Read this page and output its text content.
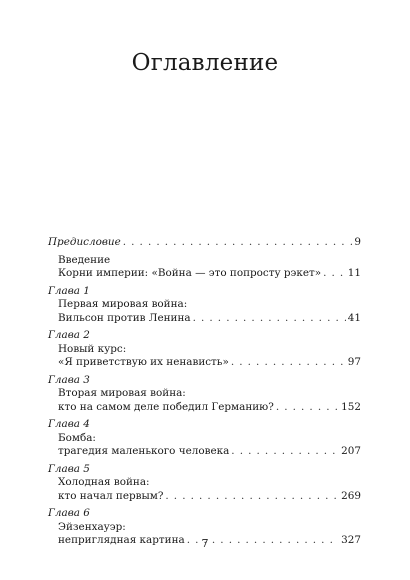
Оглавление
Предисловие . . .	9
Введение
Корни империи: «Война — это попросту рэкет» . . .	11
Глава 1
Первая мировая война:
Вильсон против Ленина . . .	41
Глава 2
Новый курс:
«Я приветствую их ненависть» . . .	97
Глава 3
Вторая мировая война:
кто на самом деле победил Германию? . . .	152
Глава 4
Бомба:
трагедия маленького человека . . .	207
Глава 5
Холодная война:
кто начал первым? . . .	269
Глава 6
Эйзенхауэр:
неприглядная картина . . .	327
7
